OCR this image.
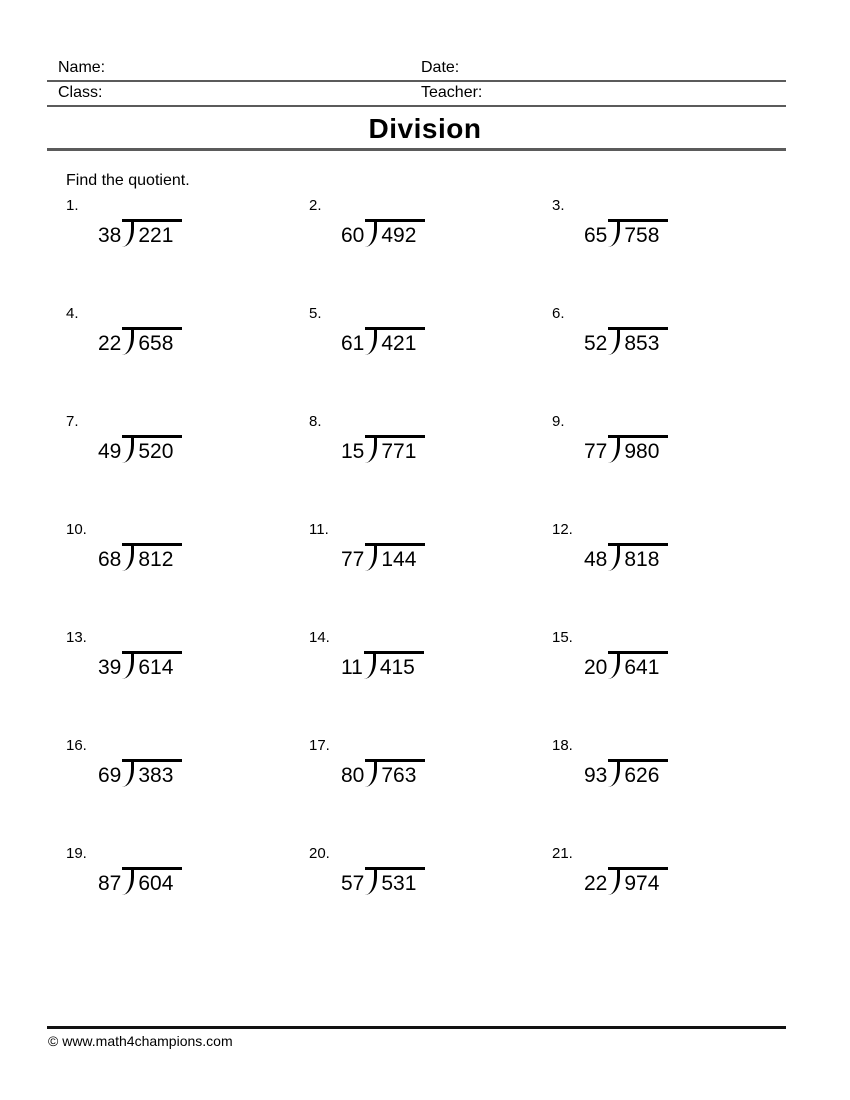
Name:	Date:
Class:	Teacher:
Division
Find the quotient.
1.
38 221
2.
60 492
3.
65 758
4.
22 658
5.
61 421
6.
52 853
7.
49 520
8.
15 771
9.
77 980
10.
68 812
11.
77 144
12.
48 818
13.
39 614
14.
11 415
15.
20 641
16.
69 383
17.
80 763
18.
93 626
19.
87 604
20.
57 531
21.
22 974
© www.math4champions.com
